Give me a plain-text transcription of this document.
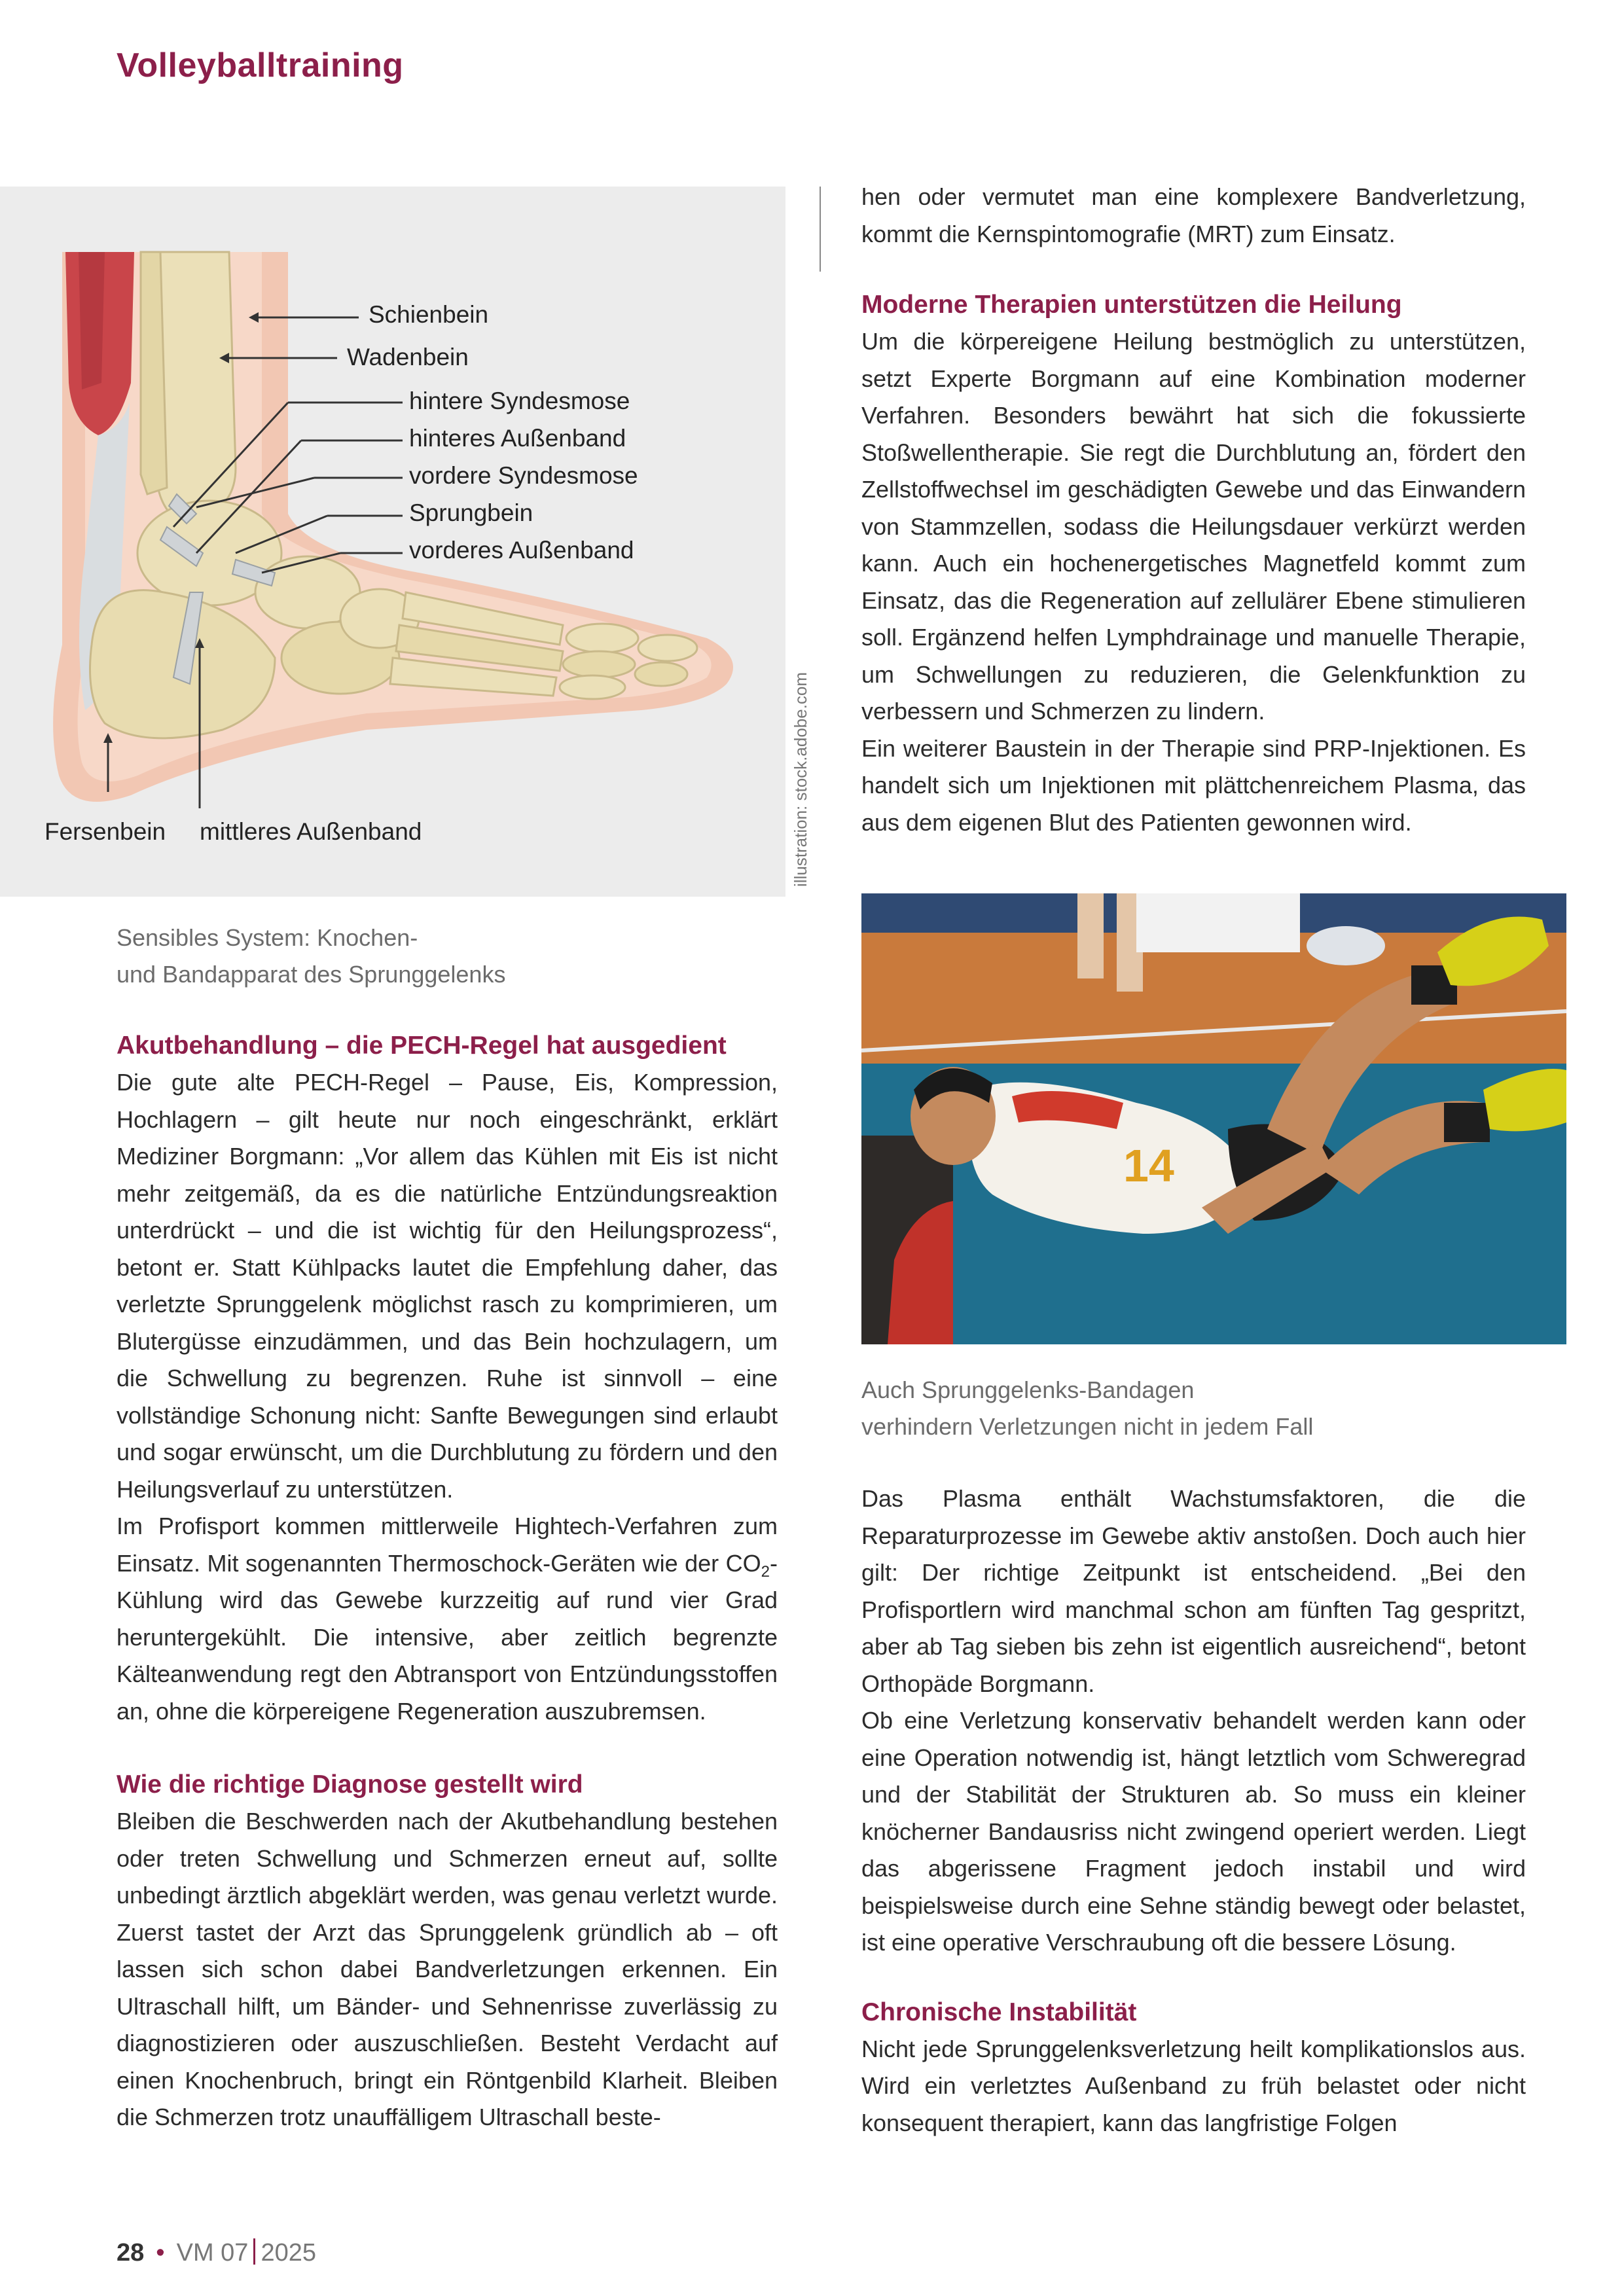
Volleyballtraining
Schienbein
Wadenbein
hintere Syndesmose
hinteres Außenband
vordere Syndesmose
Sprungbein
vorderes Außenband
Fersenbein mittleres Außenband	illustration: stock.adobe.com
Sensibles System: Knochen-
und Bandapparat des Sprunggelenks
Akutbehandlung – die PECH-Regel hat ausgedient

Die gute alte PECH-Regel – Pause, Eis, Kompression, Hochlagern – gilt heute nur noch eingeschränkt, erklärt Mediziner Borgmann: „Vor allem das Kühlen mit Eis ist nicht mehr zeitgemäß, da es die natürliche Entzündungsreaktion unterdrückt – und die ist wichtig für den Heilungsprozess“, betont er. Statt Kühlpacks lautet die Empfehlung daher, das verletzte Sprunggelenk möglichst rasch zu komprimieren, um Blutergüsse einzudämmen, und das Bein hochzulagern, um die Schwellung zu begrenzen. Ruhe ist sinnvoll – eine vollständige Schonung nicht: Sanfte Bewegungen sind erlaubt und sogar erwünscht, um die Durchblutung zu fördern und den Heilungsverlauf zu unterstützen.

Im Profisport kommen mittlerweile Hightech-Verfahren zum Einsatz. Mit sogenannten Thermoschock-Geräten wie der $CO_2$-Kühlung wird das Gewebe kurzzeitig auf rund vier Grad heruntergekühlt. Die intensive, aber zeitlich begrenzte Kälteanwendung regt den Abtransport von Entzündungsstoffen an, ohne die körpereigene Regeneration auszubremsen.

Wie die richtige Diagnose gestellt wird

Bleiben die Beschwerden nach der Akutbehandlung bestehen oder treten Schwellung und Schmerzen erneut auf, sollte unbedingt ärztlich abgeklärt werden, was genau verletzt wurde. Zuerst tastet der Arzt das Sprunggelenk gründlich ab – oft lassen sich schon dabei Bandverletzungen erkennen. Ein Ultraschall hilft, um Bänder- und Sehnenrisse zuverlässig zu diagnostizieren oder auszuschließen. Besteht Verdacht auf einen Knochenbruch, bringt ein Röntgenbild Klarheit. Bleiben die Schmerzen trotz unauffälligem Ultraschall beste-

hen oder vermutet man eine komplexere Bandverletzung, kommt die Kernspintomografie (MRT) zum Einsatz.

Moderne Therapien unterstützen die Heilung

Um die körpereigene Heilung bestmöglich zu unterstützen, setzt Experte Borgmann auf eine Kombination moderner Verfahren. Besonders bewährt hat sich die fokussierte Stoßwellentherapie. Sie regt die Durchblutung an, fördert den Zellstoffwechsel im geschädigten Gewebe und das Einwandern von Stammzellen, sodass die Heilungsdauer verkürzt werden kann. Auch ein hochenergetisches Magnetfeld kommt zum Einsatz, das die Regeneration auf zellulärer Ebene stimulieren soll. Ergänzend helfen Lymphdrainage und manuelle Therapie, um Schwellungen zu reduzieren, die Gelenkfunktion zu verbessern und Schmerzen zu lindern.

Ein weiterer Baustein in der Therapie sind PRP-Injektionen. Es handelt sich um Injektionen mit plättchenreichem Plasma, das aus dem eigenen Blut des Patienten gewonnen wird.

14
Auch Sprunggelenks-Bandagen
verhindern Verletzungen nicht in jedem Fall

Das Plasma enthält Wachstumsfaktoren, die die Reparaturprozesse im Gewebe aktiv anstoßen. Doch auch hier gilt: Der richtige Zeitpunkt ist entscheidend. „Bei den Profisportlern wird manchmal schon am fünften Tag gespritzt, aber ab Tag sieben bis zehn ist eigentlich ausreichend“, betont Orthopäde Borgmann.

Ob eine Verletzung konservativ behandelt werden kann oder eine Operation notwendig ist, hängt letztlich vom Schweregrad und der Stabilität der Strukturen ab. So muss ein kleiner knöcherner Bandausriss nicht zwingend operiert werden. Liegt das abgerissene Fragment jedoch instabil und wird beispielsweise durch eine Sehne ständig bewegt oder belastet, ist eine operative Verschraubung oft die bessere Lösung.

Chronische Instabilität

Nicht jede Sprunggelenksverletzung heilt komplikationslos aus. Wird ein verletztes Außenband zu früh belastet oder nicht konsequent therapiert, kann das langfristige Folgen

28 • VM 07 2025
